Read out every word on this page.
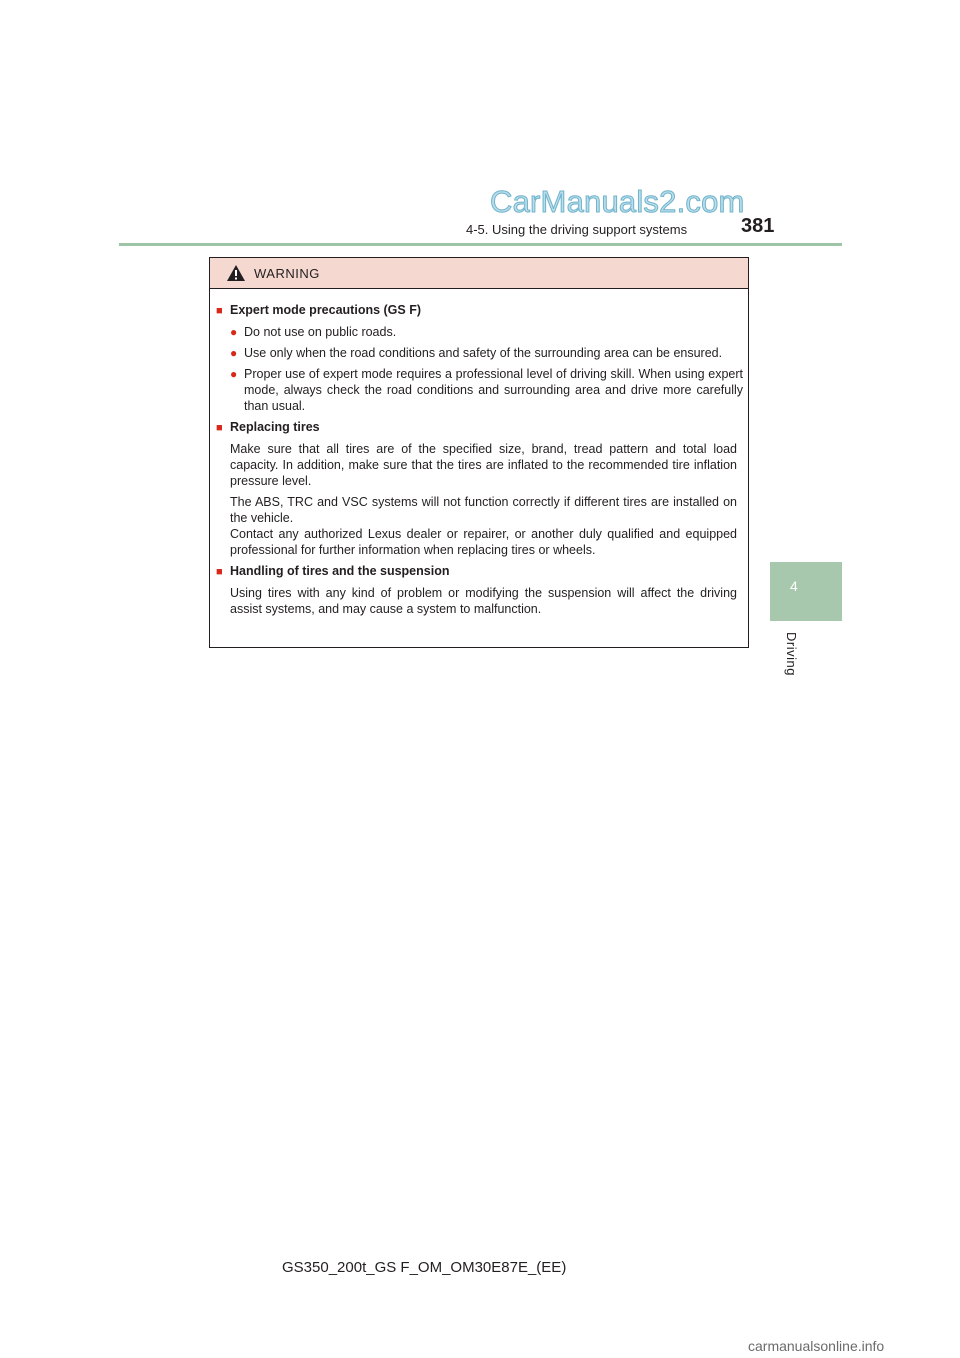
CarManuals2.com
4-5. Using the driving support systems	381
4
Driving
WARNING
■ Expert mode precautions (GS F)
● Do not use on public roads.
● Use only when the road conditions and safety of the surrounding area can be ensured.
● Proper use of expert mode requires a professional level of driving skill. When using expert mode, always check the road conditions and surrounding area and drive more carefully than usual.
■ Replacing tires
Make sure that all tires are of the specified size, brand, tread pattern and total load capacity. In addition, make sure that the tires are inflated to the recommended tire inflation pressure level.
The ABS, TRC and VSC systems will not function correctly if different tires are installed on the vehicle.
Contact any authorized Lexus dealer or repairer, or another duly qualified and equipped professional for further information when replacing tires or wheels.
■ Handling of tires and the suspension
Using tires with any kind of problem or modifying the suspension will affect the driving assist systems, and may cause a system to malfunction.
GS350_200t_GS F_OM_OM30E87E_(EE)
carmanualsonline.info
